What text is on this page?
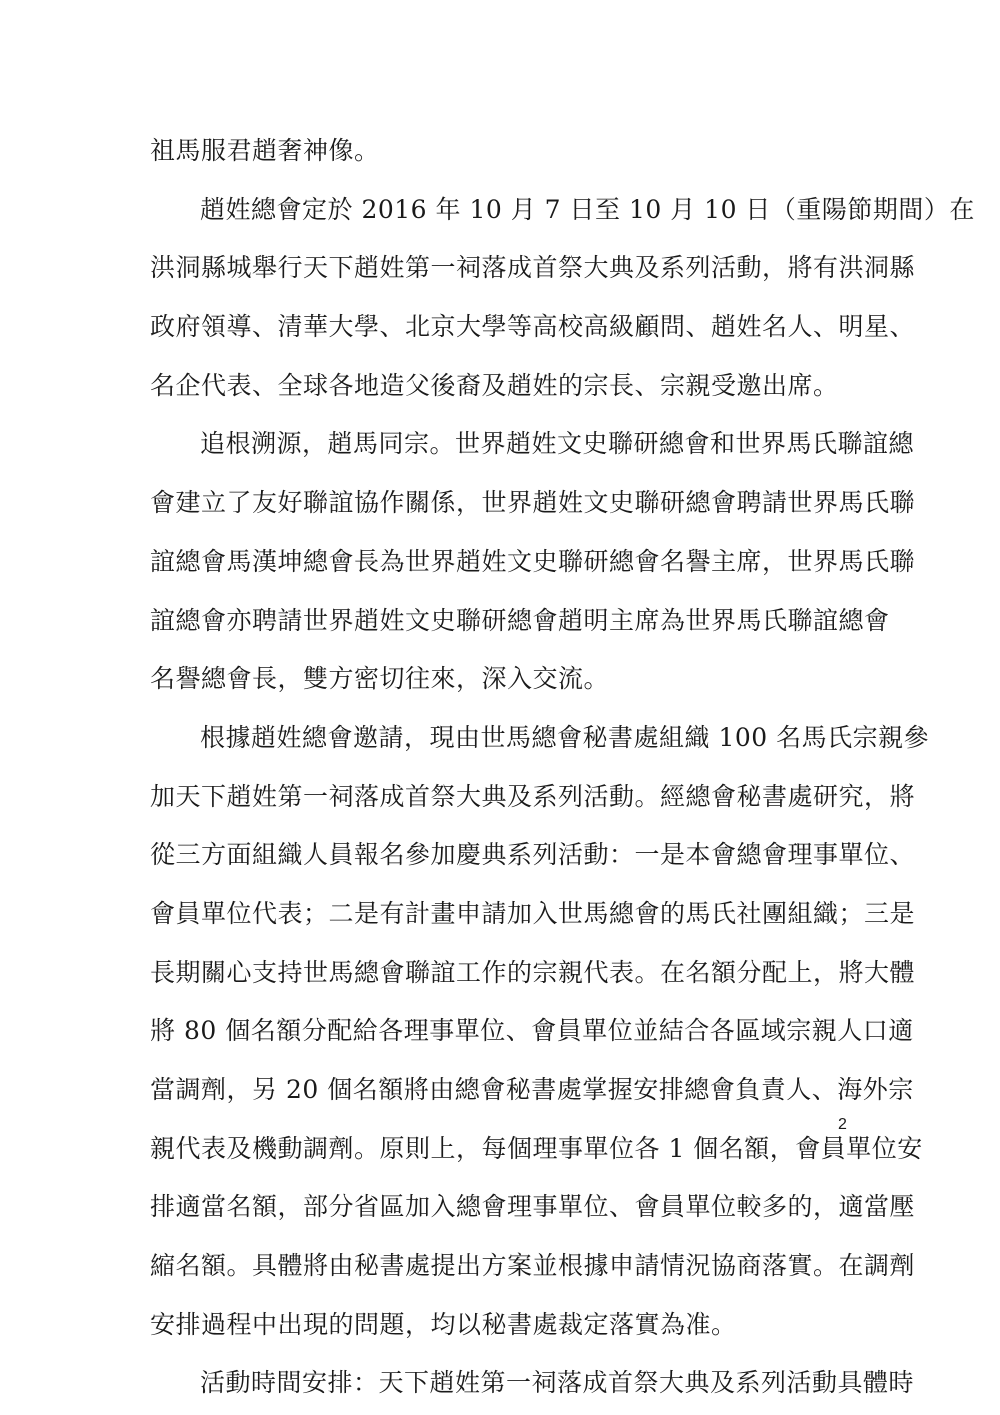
祖馬服君趙奢神像。
趙姓總會定於 2016 年 10 月 7 日至 10 月 10 日（重陽節期間）在
洪洞縣城舉行天下趙姓第一祠落成首祭大典及系列活動，將有洪洞縣
政府領導、清華大學、北京大學等高校高級顧問、趙姓名人、明星、
名企代表、全球各地造父後裔及趙姓的宗長、宗親受邀出席。
追根溯源，趙馬同宗。世界趙姓文史聯研總會和世界馬氏聯誼總
會建立了友好聯誼協作關係，世界趙姓文史聯研總會聘請世界馬氏聯
誼總會馬漢坤總會長為世界趙姓文史聯研總會名譽主席，世界馬氏聯
誼總會亦聘請世界趙姓文史聯研總會趙明主席為世界馬氏聯誼總會
名譽總會長，雙方密切往來，深入交流。
根據趙姓總會邀請，現由世馬總會秘書處組織 100 名馬氏宗親參
加天下趙姓第一祠落成首祭大典及系列活動。經總會秘書處研究，將
從三方面組織人員報名參加慶典系列活動：一是本會總會理事單位、
會員單位代表；二是有計畫申請加入世馬總會的馬氏社團組織；三是
長期關心支持世馬總會聯誼工作的宗親代表。在名額分配上，將大體
將 80 個名額分配給各理事單位、會員單位並結合各區域宗親人口適
當調劑，另 20 個名額將由總會秘書處掌握安排總會負責人、海外宗
親代表及機動調劑。原則上，每個理事單位各 1 個名額，會員單位安
排適當名額，部分省區加入總會理事單位、會員單位較多的，適當壓
縮名額。具體將由秘書處提出方案並根據申請情況協商落實。在調劑
安排過程中出現的問題，均以秘書處裁定落實為准。
活動時間安排：天下趙姓第一祠落成首祭大典及系列活動具體時
2
